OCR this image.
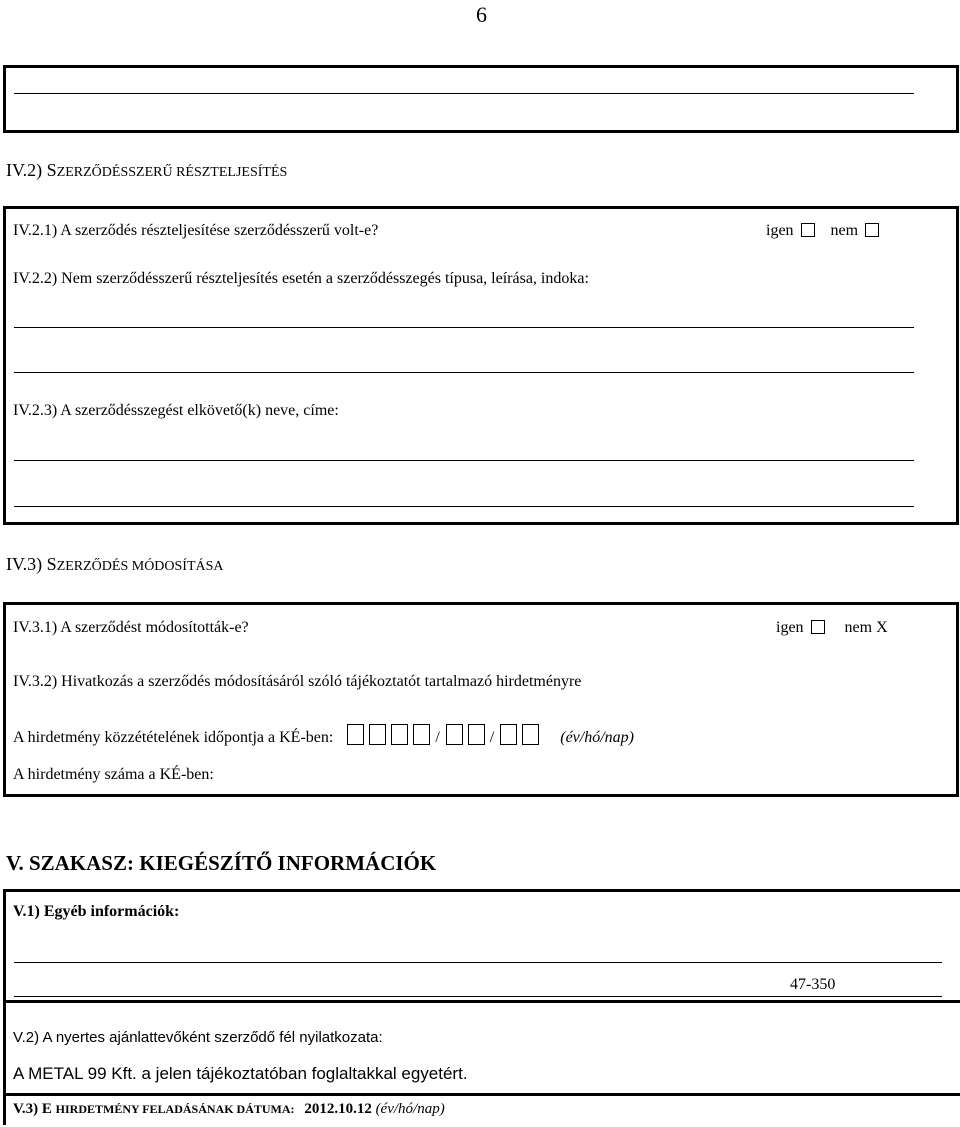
6
IV.2) SZERZŐDÉSSZERŰ RÉSZTELJESÍTÉS
IV.2.1) A szerződés részteljesítése szerződésszerű volt-e?	igen nem
IV.2.2) Nem szerződésszerű részteljesítés esetén a szerződésszegés típusa, leírása, indoka:
IV.2.3) A szerződésszegést elkövető(k) neve, címe:
IV.3) SZERZŐDÉS MÓDOSÍTÁSA
IV.3.1) A szerződést módosították-e?	igen	nem X
IV.3.2) Hivatkozás a szerződés módosításáról szóló tájékoztatót tartalmazó hirdetményre
A hirdetmény közzétételének időpontja a KÉ-ben:	/	/	(év/hó/nap)
A hirdetmény száma a KÉ-ben:
V. SZAKASZ: KIEGÉSZÍTŐ INFORMÁCIÓK
V.1) Egyéb információk:
47-350
V.2) A nyertes ajánlattevőként szerződő fél nyilatkozata:
A METAL 99 Kft. a jelen tájékoztatóban foglaltakkal egyetért.
V.3) E HIRDETMÉNY FELADÁSÁNAK DÁTUMA: 2012.10.12 (év/hó/nap)
